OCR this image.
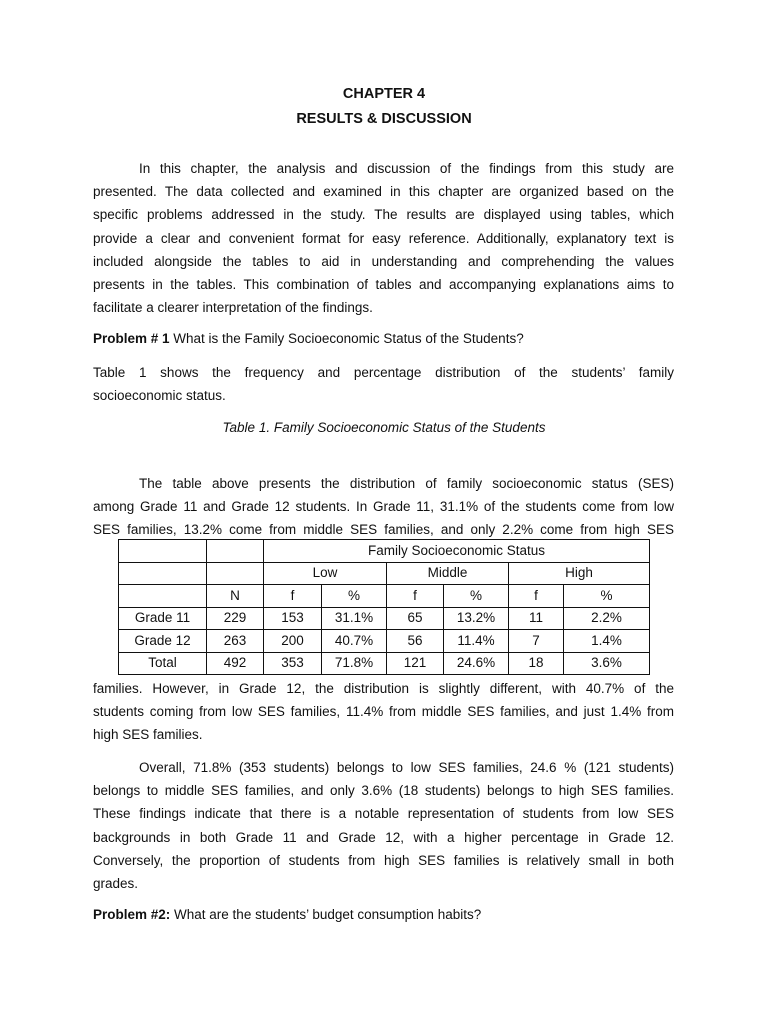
CHAPTER 4
RESULTS & DISCUSSION
In this chapter, the analysis and discussion of the findings from this study are
presented. The data collected and examined in this chapter are organized based on the
specific problems addressed in the study. The results are displayed using tables, which
provide a clear and convenient format for easy reference. Additionally, explanatory text is
included alongside the tables to aid in understanding and comprehending the values
presents in the tables. This combination of tables and accompanying explanations aims to
facilitate a clearer interpretation of the findings.
Problem # 1 What is the Family Socioeconomic Status of the Students?
Table 1 shows the frequency and percentage distribution of the students’ family
socioeconomic status.
Table 1. Family Socioeconomic Status of the Students
The table above presents the distribution of family socioeconomic status (SES)
among Grade 11 and Grade 12 students. In Grade 11, 31.1% of the students come from low
SES families, 13.2% come from middle SES families, and only 2.2% come from high SES
families. However, in Grade 12, the distribution is slightly different, with 40.7% of the
students coming from low SES families, 11.4% from middle SES families, and just 1.4% from
high SES families.
		Family Socioeconomic Status					
		Low		Middle		High	
	N	f	%	f	%	f	%
Grade 11	229	153	31.1%	65	13.2%	11	2.2%
Grade 12	263	200	40.7%	56	11.4%	7	1.4%
Total	492	353	71.8%	121	24.6%	18	3.6%
Overall, 71.8% (353 students) belongs to low SES families, 24.6 % (121 students)
belongs to middle SES families, and only 3.6% (18 students) belongs to high SES families.
These findings indicate that there is a notable representation of students from low SES
backgrounds in both Grade 11 and Grade 12, with a higher percentage in Grade 12.
Conversely, the proportion of students from high SES families is relatively small in both
grades.
Problem #2: What are the students’ budget consumption habits?
